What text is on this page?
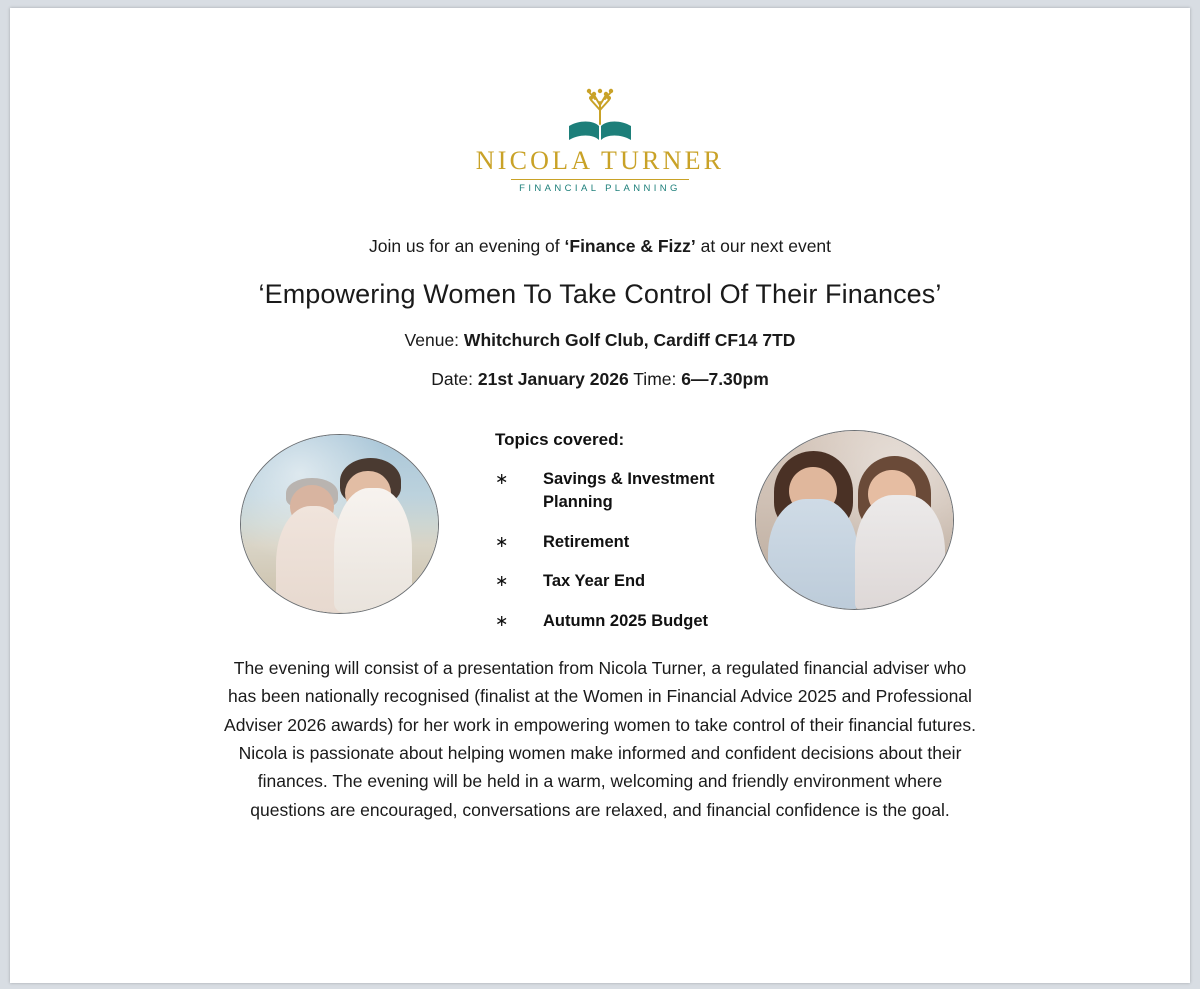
NICOLA TURNER
FINANCIAL PLANNING
Join us for an evening of ‘Finance & Fizz’ at our next event
‘Empowering Women To Take Control Of Their Finances’
Venue: Whitchurch Golf Club, Cardiff CF14 7TD
Date: 21st January 2026 Time: 6—7.30pm
Topics covered:
∗	Savings & Investment Planning
∗	Retirement
∗	Tax Year End
∗	Autumn 2025 Budget
The evening will consist of a presentation from Nicola Turner, a regulated financial adviser who has been nationally recognised (finalist at the Women in Financial Advice 2025 and Professional Adviser 2026 awards) for her work in empowering women to take control of their financial futures. Nicola is passionate about helping women make informed and confident decisions about their finances. The evening will be held in a warm, welcoming and friendly environment where questions are encouraged, conversations are relaxed, and financial confidence is the goal.
